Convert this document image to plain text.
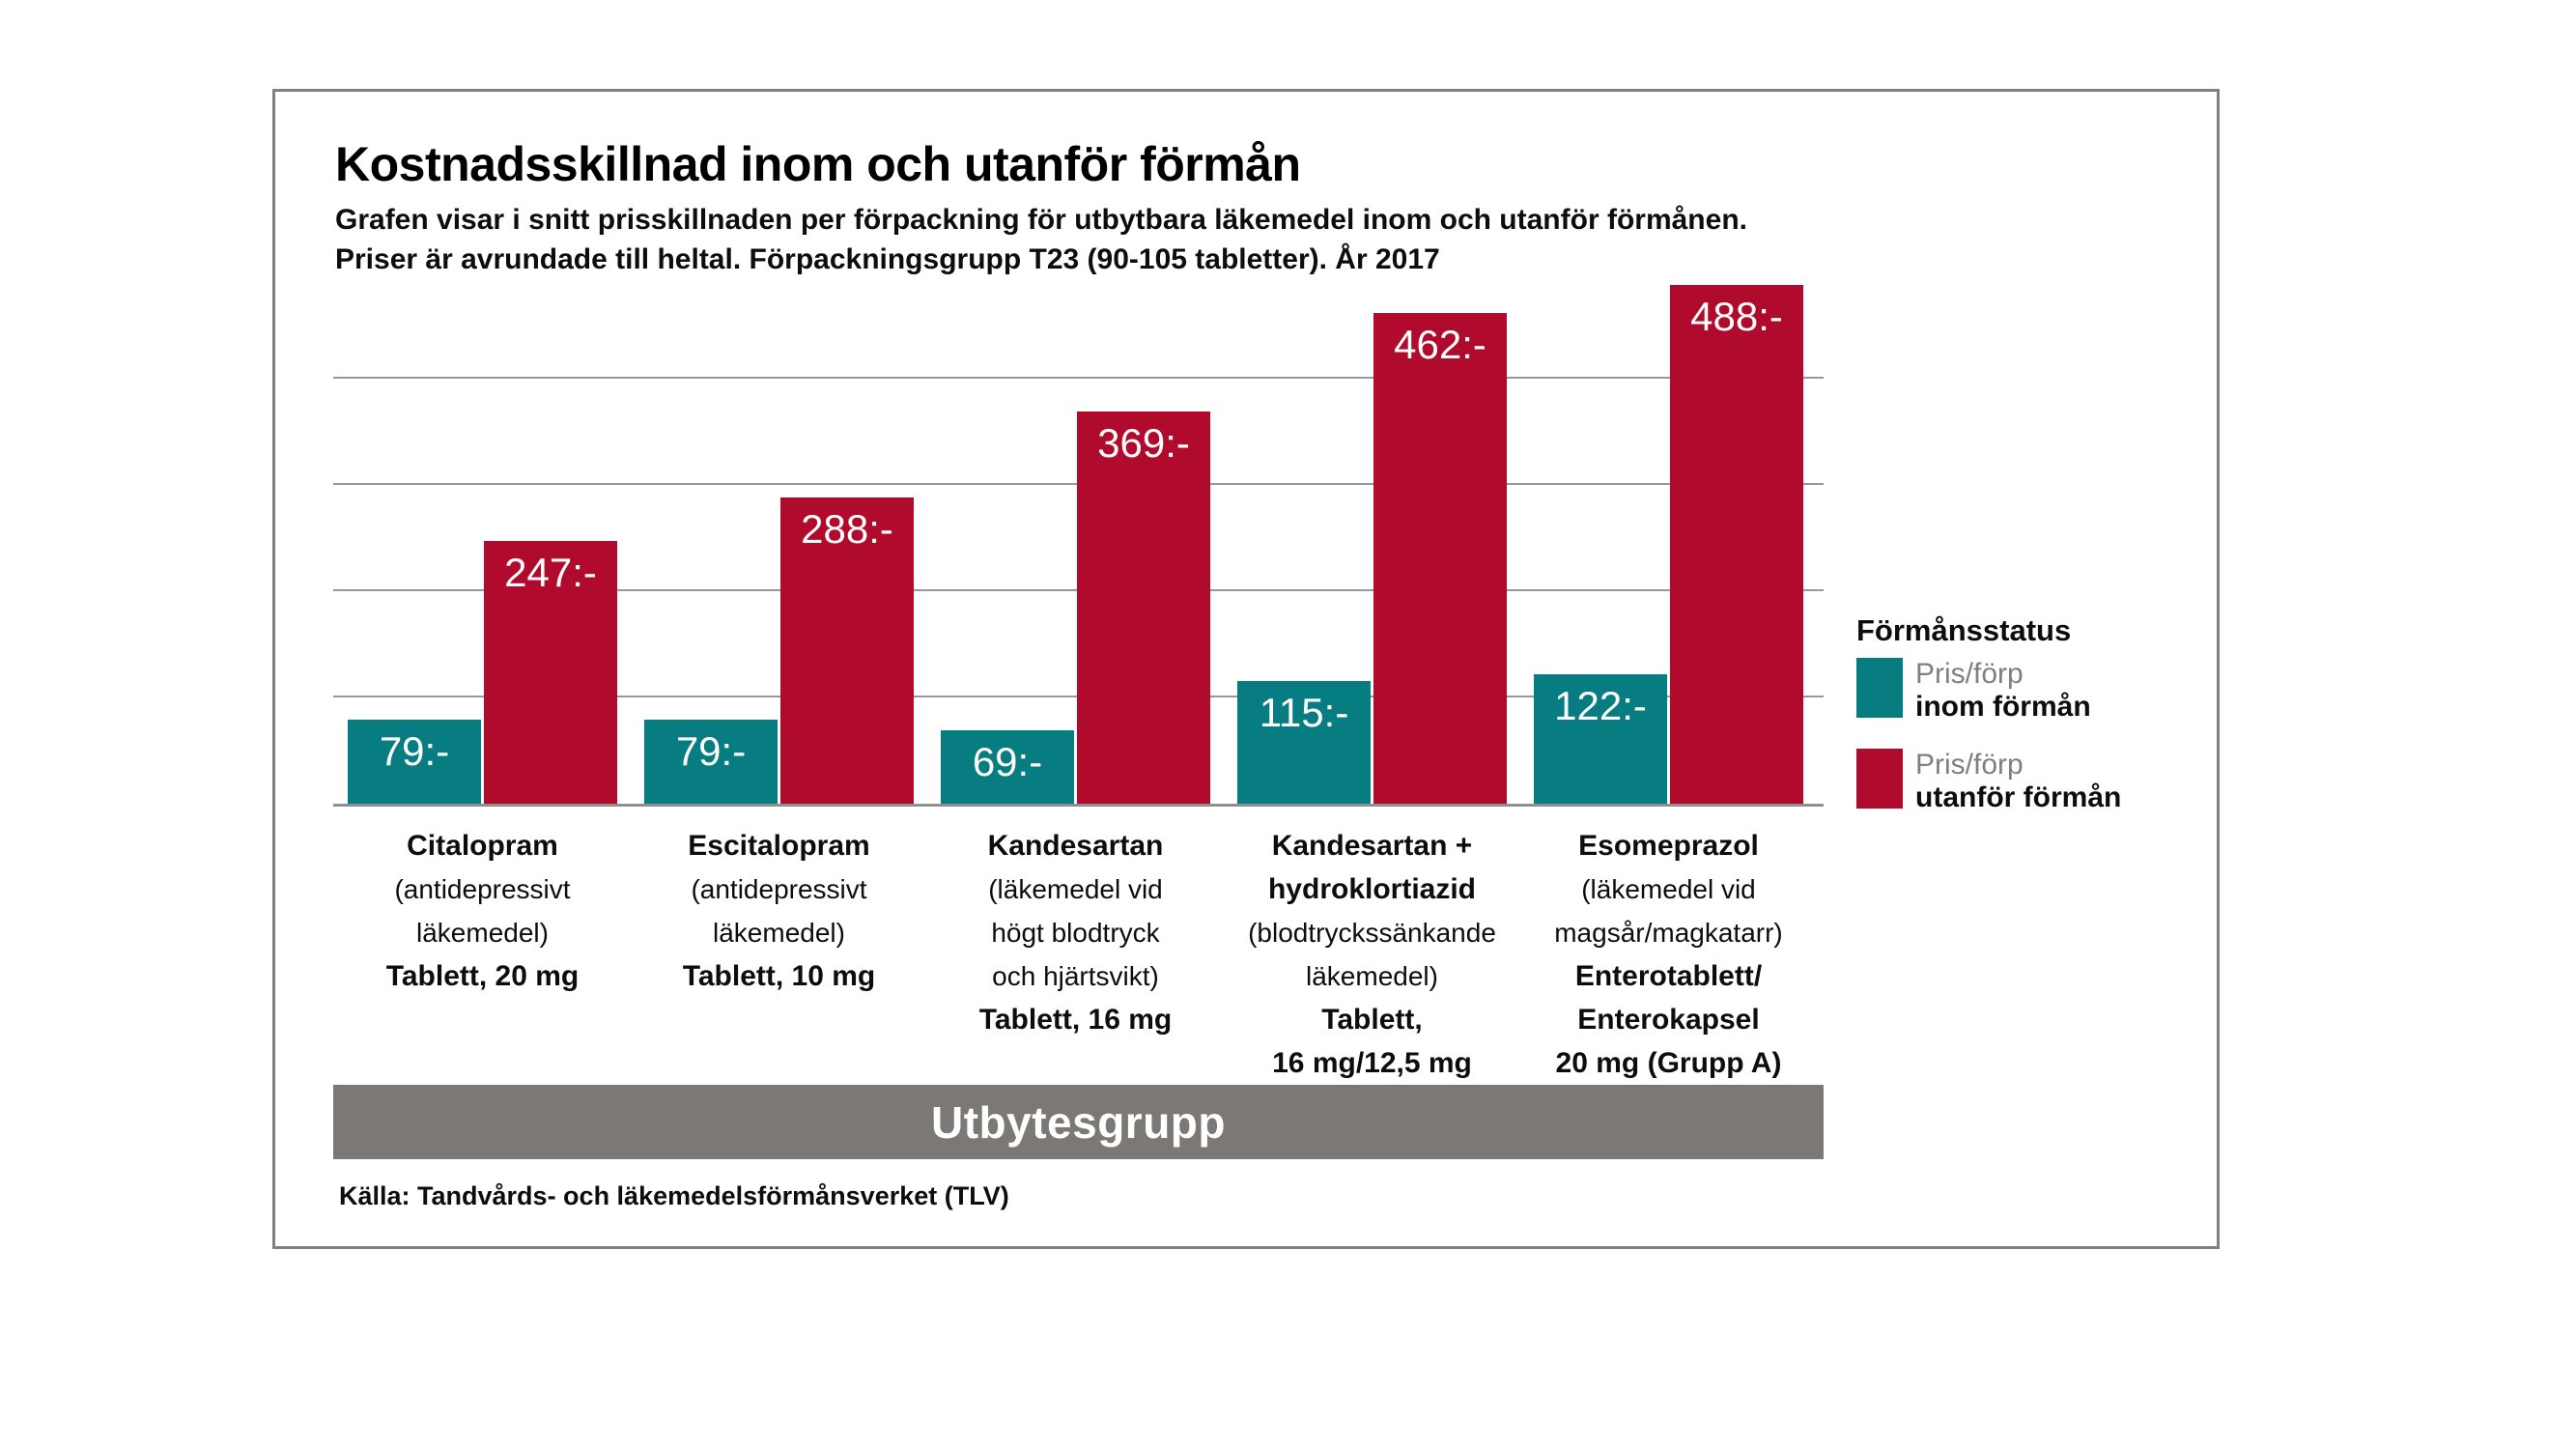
Kostnadsskillnad inom och utanför förmån
Grafen visar i snitt prisskillnaden per förpackning för utbytbara läkemedel inom och utanför förmånen.
Priser är avrundade till heltal. Förpackningsgrupp T23 (90-105 tabletter). År 2017
79:-
247:-
79:-
288:-
69:-
369:-
115:-
462:-
122:-
488:-
Citalopram
(antidepressivt
läkemedel)
Tablett, 20 mg
Escitalopram
(antidepressivt
läkemedel)
Tablett, 10 mg
Kandesartan
(läkemedel vid
högt blodtryck
och hjärtsvikt)
Tablett, 16 mg
Kandesartan +
hydroklortiazid
(blodtryckssänkande
läkemedel)
Tablett,
16 mg/12,5 mg
Esomeprazol
(läkemedel vid
magsår/magkatarr)
Enterotablett/
Enterokapsel
20 mg (Grupp A)
Utbytesgrupp
Källa: Tandvårds- och läkemedelsförmånsverket (TLV)
Förmånsstatus
Pris/förp
inom förmån
Pris/förp
utanför förmån
